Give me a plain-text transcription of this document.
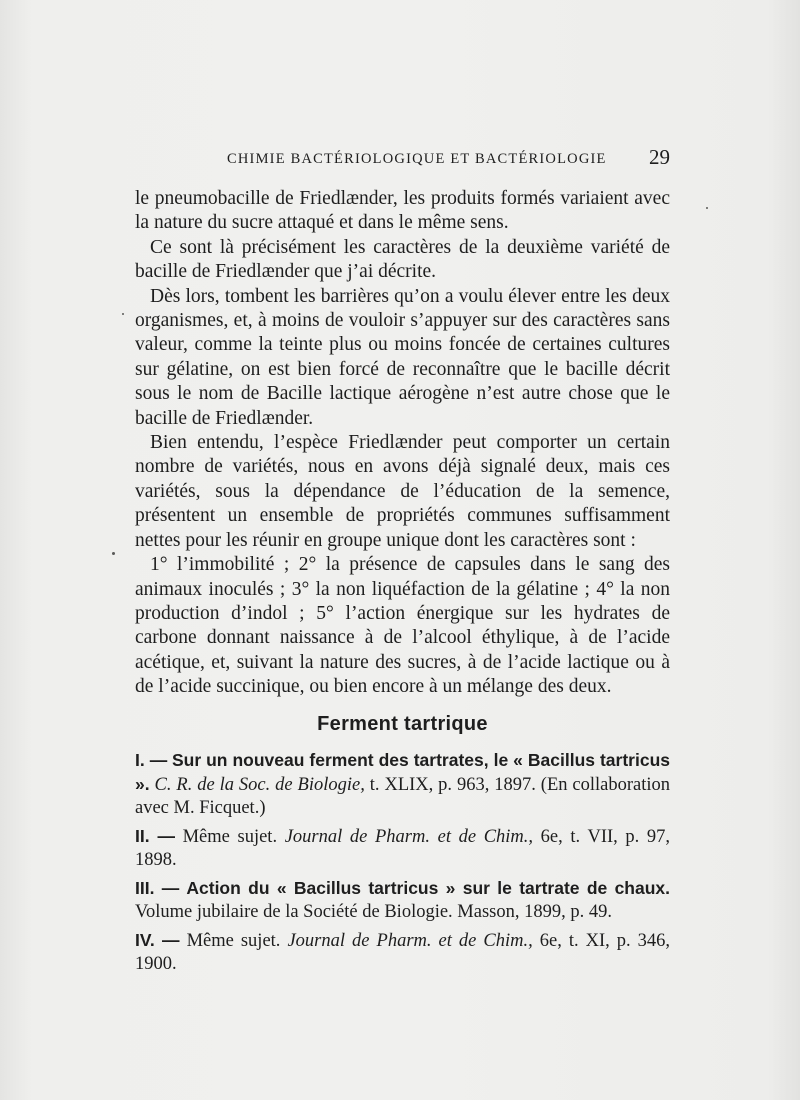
CHIMIE BACTÉRIOLOGIQUE ET BACTÉRIOLOGIE 29

le pneumobacille de Friedlænder, les produits formés variaient avec la nature du sucre attaqué et dans le même sens.

Ce sont là précisément les caractères de la deuxième variété de bacille de Friedlænder que j’ai décrite.

Dès lors, tombent les barrières qu’on a voulu élever entre les deux organismes, et, à moins de vouloir s’appuyer sur des caractères sans valeur, comme la teinte plus ou moins foncée de certaines cultures sur gélatine, on est bien forcé de reconnaître que le bacille décrit sous le nom de Bacille lactique aérogène n’est autre chose que le bacille de Friedlænder.

Bien entendu, l’espèce Friedlænder peut comporter un certain nombre de variétés, nous en avons déjà signalé deux, mais ces variétés, sous la dépendance de l’éducation de la semence, présentent un ensemble de propriétés communes suffisamment nettes pour les réunir en groupe unique dont les caractères sont :

1° l’immobilité ; 2° la présence de capsules dans le sang des animaux inoculés ; 3° la non liquéfaction de la gélatine ; 4° la non production d’indol ; 5° l’action énergique sur les hydrates de carbone donnant naissance à de l’alcool éthylique, à de l’acide acétique, et, suivant la nature des sucres, à de l’acide lactique ou à de l’acide succinique, ou bien encore à un mélange des deux.

Ferment tartrique

I. — Sur un nouveau ferment des tartrates, le « Bacillus tartricus ». C. R. de la Soc. de Biologie, t. XLIX, p. 963, 1897. (En collaboration avec M. Ficquet.)

II. — Même sujet. Journal de Pharm. et de Chim., 6e, t. VII, p. 97, 1898.

III. — Action du « Bacillus tartricus » sur le tartrate de chaux. Volume jubilaire de la Société de Biologie. Masson, 1899, p. 49.

IV. — Même sujet. Journal de Pharm. et de Chim., 6e, t. XI, p. 346, 1900.
